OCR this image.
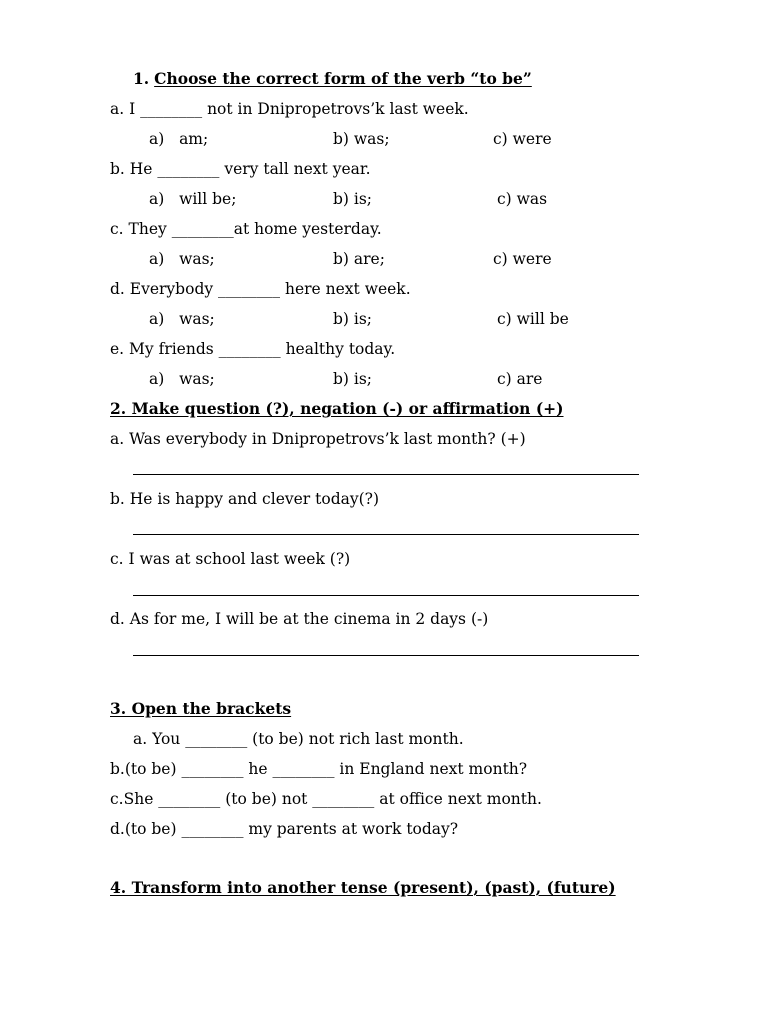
1. Choose the correct form of the verb “to be”
a. I ________ not in Dnipropetrovs’k last week.
a)   am;	b) was;	c) were
b. He ________ very tall next year.
a)   will be;	b) is;	c) was
c. They ________at home yesterday.
a)   was;	b) are;	c) were
d. Everybody ________ here next week.
a)   was;	b) is;	c) will be
e. My friends ________ healthy today.
a)   was;	b) is;	c) are
2. Make question (?), negation (-) or affirmation (+)
a. Was everybody in Dnipropetrovs’k last month? (+)
b. He is happy and clever today(?)
c. I was at school last week (?)
d. As for me, I will be at the cinema in 2 days (-)
3. Open the brackets
a. You ________ (to be) not rich last month.
b.(to be) ________ he ________ in England next month?
c.She ________ (to be) not ________ at office next month.
d.(to be) ________ my parents at work today?
4. Transform into another tense (present), (past), (future)
